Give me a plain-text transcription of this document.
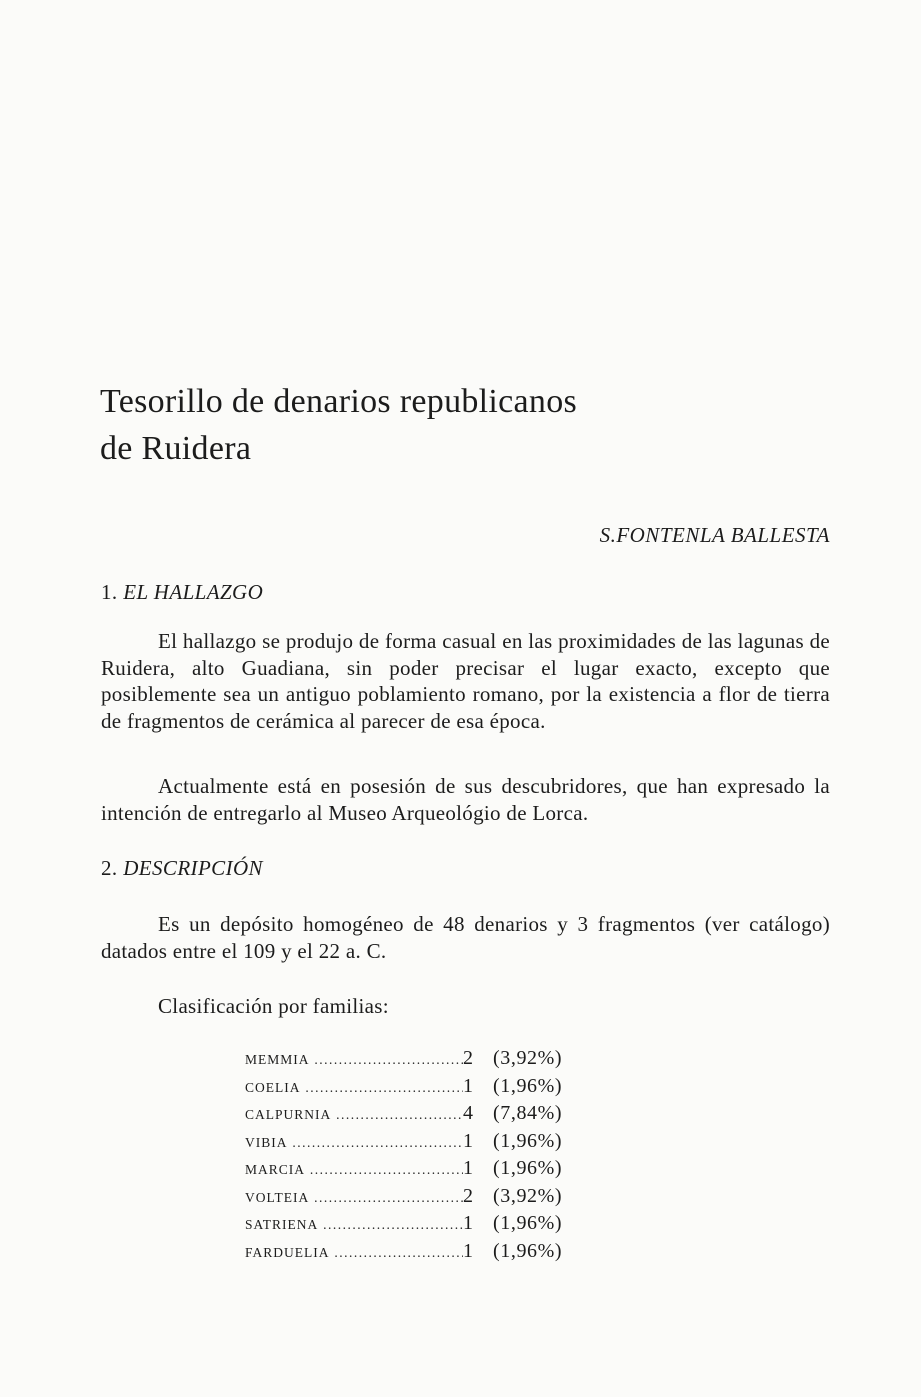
Tesorillo de denarios republicanos
de Ruidera
S.FONTENLA BALLESTA
1. EL HALLAZGO

El hallazgo se produjo de forma casual en las proximidades de las lagunas de Ruidera, alto Guadiana, sin poder precisar el lugar exacto, excepto que posiblemente sea un antiguo poblamiento romano, por la existencia a flor de tierra de fragmentos de cerámica al parecer de esa época.

Actualmente está en posesión de sus descubridores, que han expresado la intención de entregarlo al Museo Arqueológio de Lorca.

2. DESCRIPCIÓN

Es un depósito homogéneo de 48 denarios y 3 fragmentos (ver catálogo) datados entre el 109 y el 22 a. C.

Clasificación por familias:

MEMMIA .....	2	(3,92%)
COELIA .....	1	(1,96%)
CALPURNIA .....	4	(7,84%)
VIBIA .....	1	(1,96%)
MARCIA .....	1	(1,96%)
VOLTEIA .....	2	(3,92%)
SATRIENA .....	1	(1,96%)
FARDUELIA .....	1	(1,96%)
